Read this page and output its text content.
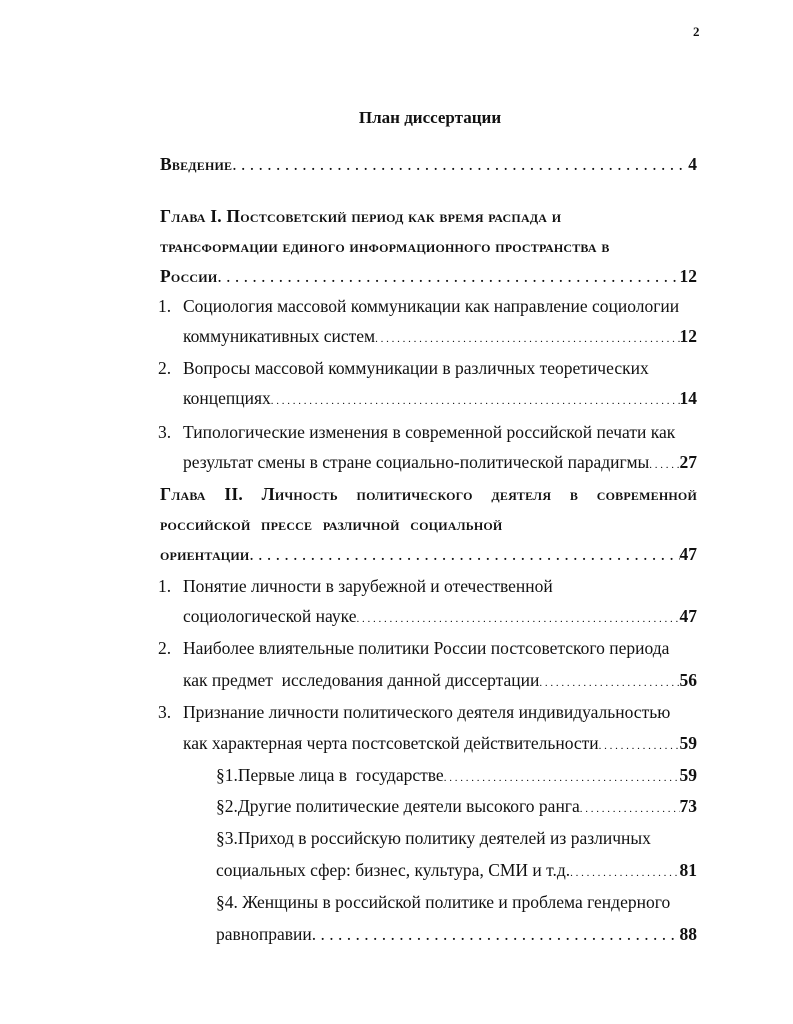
2
План диссертации
Введение . . .	4
Глава I. Постсоветский период как время распада и
трансформации единого информационного пространства в
России . . .	12
1. Социология массовой коммуникации как направление социологии
коммуникативных систем . . .	12
2. Вопросы массовой коммуникации в различных теоретических
концепциях . . .	14
3. Типологические изменения в современной российской печати как
результат смены в стране социально-политической парадигмы . . . 27
Глава II. Личность политического деятеля в современной
российской прессе различной социальной
ориентации . . .	47
1. Понятие личности в зарубежной и отечественной
социологической науке . . .	47
2. Наиболее влиятельные политики России постсоветского периода
как предмет  исследования данной диссертации . . .	56
3. Признание личности политического деятеля индивидуальностью
как характерная черта постсоветской действительности . . .	59
§1.Первые лица в  государстве . . .	59
§2.Другие политические деятели высокого ранга . . .	73
§3.Приход в российскую политику деятелей из различных
социальных сфер: бизнес, культура, СМИ и т.д. . . .	81
§4. Женщины в российской политике и проблема гендерного
равноправии . . .	88
